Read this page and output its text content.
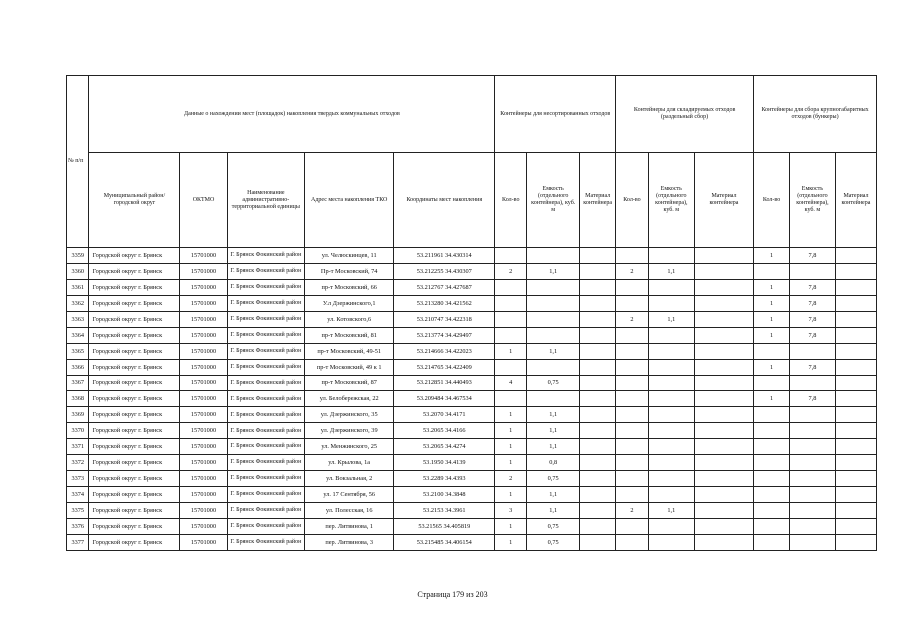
№ п/п	Данные о нахождении мест (площадок) накопления твердых коммунальных отходов					Контейнеры для несортированных отходов			Контейнеры для складируемых отходов (раздельный сбор)			Контейнеры для сбора крупногабаритных отходов (бункеры)		
	Муниципальный район/городской округ	ОКТМО	Наименование административно-территориальной единицы	Адрес места накопления ТКО	Координаты мест накопления	Кол-во	Емкость (отдельного контейнера), куб. м	Материал контейнера	Кол-во	Емкость (отдельного контейнера), куб. м	Материал контейнера	Кол-во	Емкость (отдельного контейнера), куб. м	Материал контейнера
3359	Городской округ г. Брянск	15701000	Г. Брянск Фокинский район	ул. Челюскинцев, 11	53.211961 34.430314							1	7,8	
3360	Городской округ г. Брянск	15701000	Г. Брянск Фокинский район	Пр-т Московский, 74	53.212255 34.430307	2	1,1		2	1,1				
3361	Городской округ г. Брянск	15701000	Г. Брянск Фокинский район	пр-т Московский, 66	53.212767 34.427687							1	7,8	
3362	Городской округ г. Брянск	15701000	Г. Брянск Фокинский район	У.л Дзержинского,1	53.213280 34.421562							1	7,8	
3363	Городской округ г. Брянск	15701000	Г. Брянск Фокинский район	ул. Котовского,6	53.210747 34.422318				2	1,1		1	7,8	
3364	Городской округ г. Брянск	15701000	Г. Брянск Фокинский район	пр-т Московский, 81	53.213774 34.429497							1	7,8	
3365	Городской округ г. Брянск	15701000	Г. Брянск Фокинский район	пр-т Московский, 49-51	53.214666 34.422023	1	1,1							
3366	Городской округ г. Брянск	15701000	Г. Брянск Фокинский район	пр-т Московский, 49 к 1	53.214765 34.422409							1	7,8	
3367	Городской округ г. Брянск	15701000	Г. Брянск Фокинский район	пр-т Московский, 87	53.212851 34.440493	4	0,75							
3368	Городской округ г. Брянск	15701000	Г. Брянск Фокинский район	ул. Белобережская, 22	53.209484 34.467534							1	7,8	
3369	Городской округ г. Брянск	15701000	Г. Брянск Фокинский район	ул. Дзержинского, 35	53.2070 34.4171	1	1,1							
3370	Городской округ г. Брянск	15701000	Г. Брянск Фокинский район	ул. Дзержинского, 39	53.2065 34.4166	1	1,1							
3371	Городской округ г. Брянск	15701000	Г. Брянск Фокинский район	ул. Менжинского, 25	53.2065 34.4274	1	1,1							
3372	Городской округ г. Брянск	15701000	Г. Брянск Фокинский район	ул. Крылова, 1а	53.1950 34.4139	1	0,8							
3373	Городской округ г. Брянск	15701000	Г. Брянск Фокинский район	ул. Вокзальная, 2	53.2289 34.4393	2	0,75							
3374	Городской округ г. Брянск	15701000	Г. Брянск Фокинский район	ул. 17 Сентября, 56	53.2100 34.3848	1	1,1							
3375	Городской округ г. Брянск	15701000	Г. Брянск Фокинский район	ул. Полесская, 16	53.2153 34.3961	3	1,1		2	1,1				
3376	Городской округ г. Брянск	15701000	Г. Брянск Фокинский район	пер. Литвинова, 1	53.21565 34.405819	1	0,75							
3377	Городской округ г. Брянск	15701000	Г. Брянск Фокинский район	пер. Литвинова, 3	53.215485 34.406154	1	0,75							
Страница 179 из 203
